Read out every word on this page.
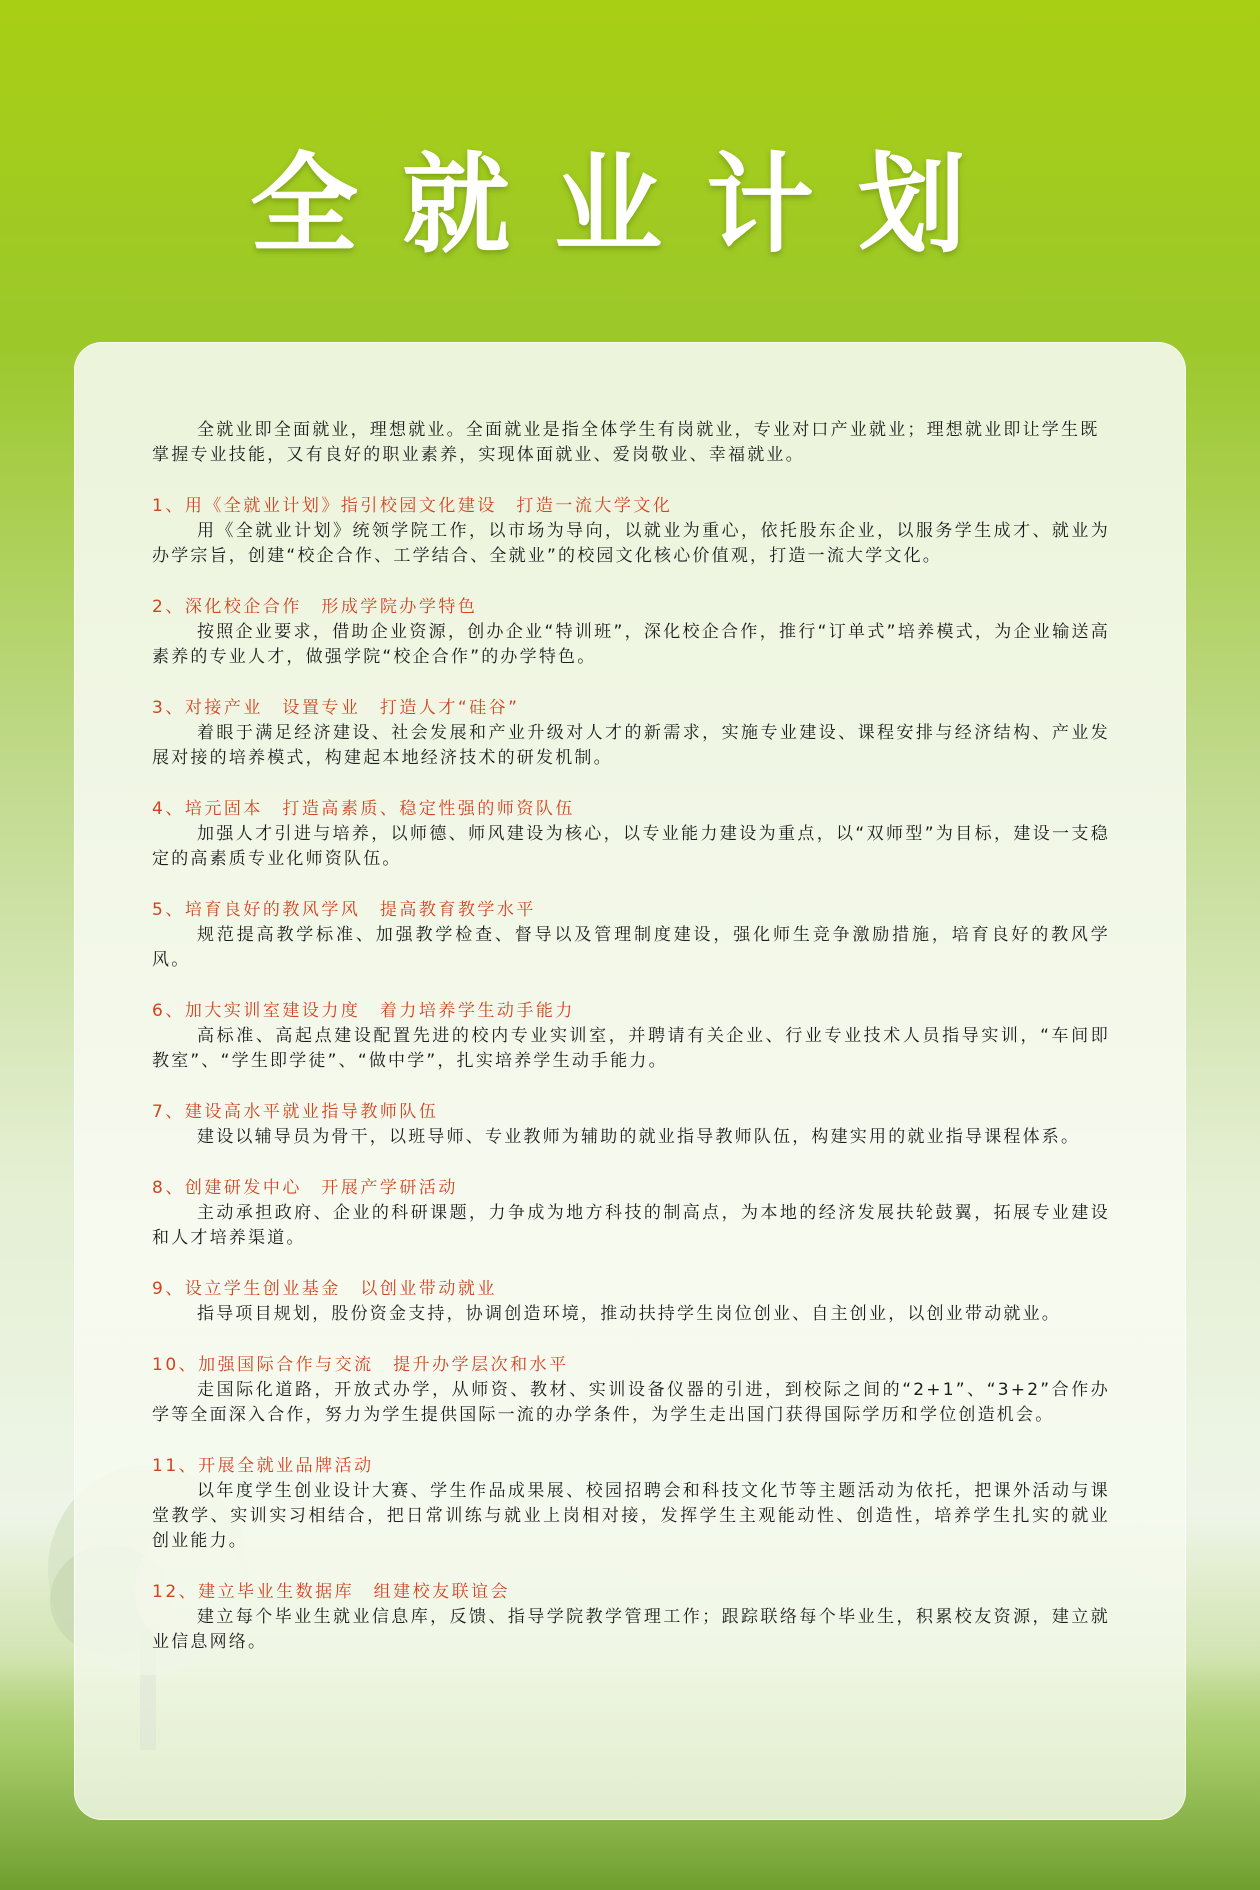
全就业计划

全就业即全面就业，理想就业。全面就业是指全体学生有岗就业，专业对口产业就业；理想就业即让学生既掌握专业技能，又有良好的职业素养，实现体面就业、爱岗敬业、幸福就业。

1、用《全就业计划》指引校园文化建设　打造一流大学文化

用《全就业计划》统领学院工作，以市场为导向，以就业为重心，依托股东企业，以服务学生成才、就业为办学宗旨，创建“校企合作、工学结合、全就业”的校园文化核心价值观，打造一流大学文化。

2、深化校企合作　形成学院办学特色

按照企业要求，借助企业资源，创办企业“特训班”，深化校企合作，推行“订单式”培养模式，为企业输送高素养的专业人才，做强学院“校企合作”的办学特色。

3、对接产业　设置专业　打造人才“硅谷”

着眼于满足经济建设、社会发展和产业升级对人才的新需求，实施专业建设、课程安排与经济结构、产业发展对接的培养模式，构建起本地经济技术的研发机制。

4、培元固本　打造高素质、稳定性强的师资队伍

加强人才引进与培养，以师德、师风建设为核心，以专业能力建设为重点，以“双师型”为目标，建设一支稳定的高素质专业化师资队伍。

5、培育良好的教风学风　提高教育教学水平

规范提高教学标准、加强教学检查、督导以及管理制度建设，强化师生竞争激励措施，培育良好的教风学风。

6、加大实训室建设力度　着力培养学生动手能力

高标准、高起点建设配置先进的校内专业实训室，并聘请有关企业、行业专业技术人员指导实训，“车间即教室”、“学生即学徒”、“做中学”，扎实培养学生动手能力。

7、建设高水平就业指导教师队伍

建设以辅导员为骨干，以班导师、专业教师为辅助的就业指导教师队伍，构建实用的就业指导课程体系。

8、创建研发中心　开展产学研活动

主动承担政府、企业的科研课题，力争成为地方科技的制高点，为本地的经济发展扶轮鼓翼，拓展专业建设和人才培养渠道。

9、设立学生创业基金　以创业带动就业

指导项目规划，股份资金支持，协调创造环境，推动扶持学生岗位创业、自主创业，以创业带动就业。

10、加强国际合作与交流　提升办学层次和水平

走国际化道路，开放式办学，从师资、教材、实训设备仪器的引进，到校际之间的“2+1”、“3+2”合作办学等全面深入合作，努力为学生提供国际一流的办学条件，为学生走出国门获得国际学历和学位创造机会。

11、开展全就业品牌活动

以年度学生创业设计大赛、学生作品成果展、校园招聘会和科技文化节等主题活动为依托，把课外活动与课堂教学、实训实习相结合，把日常训练与就业上岗相对接，发挥学生主观能动性、创造性，培养学生扎实的就业创业能力。

12、建立毕业生数据库　组建校友联谊会

建立每个毕业生就业信息库，反馈、指导学院教学管理工作；跟踪联络每个毕业生，积累校友资源，建立就业信息网络。
